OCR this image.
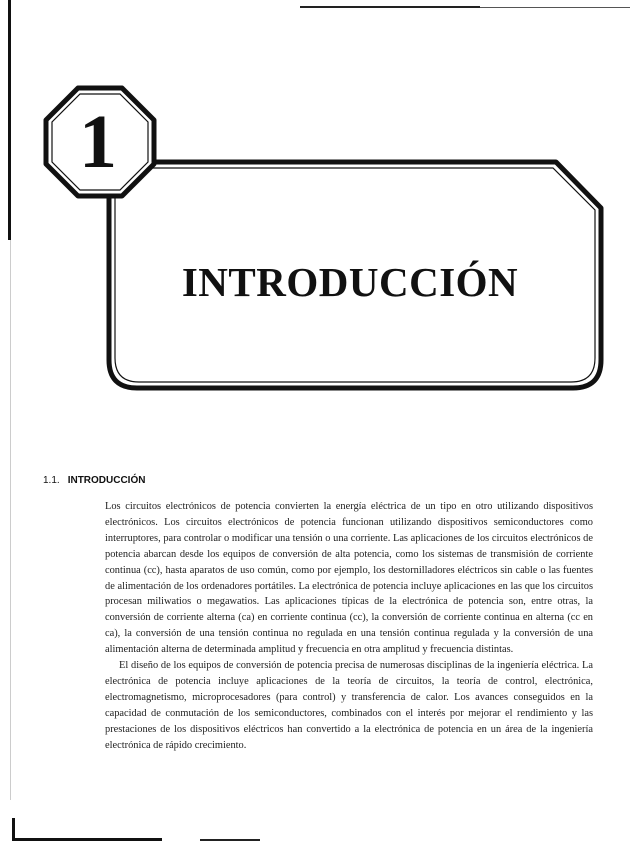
1
INTRODUCCIÓN
1.1. INTRODUCCIÓN

Los circuitos electrónicos de potencia convierten la energía eléctrica de un tipo en otro utilizando dispositivos electrónicos. Los circuitos electrónicos de potencia funcionan utilizando dispositivos semiconductores como interruptores, para controlar o modificar una tensión o una corriente. Las aplicaciones de los circuitos electrónicos de potencia abarcan desde los equipos de conversión de alta potencia, como los sistemas de transmisión de corriente continua (cc), hasta aparatos de uso común, como por ejemplo, los destornilladores eléctricos sin cable o las fuentes de alimentación de los ordenadores portátiles. La electrónica de potencia incluye aplicaciones en las que los circuitos procesan miliwatios o megawatios. Las aplicaciones típicas de la electrónica de potencia son, entre otras, la conversión de corriente alterna (ca) en corriente continua (cc), la conversión de corriente continua en alterna (cc en ca), la conversión de una tensión continua no regulada en una tensión continua regulada y la conversión de una alimentación alterna de determinada amplitud y frecuencia en otra amplitud y frecuencia distintas.

El diseño de los equipos de conversión de potencia precisa de numerosas disciplinas de la ingeniería eléctrica. La electrónica de potencia incluye aplicaciones de la teoría de circuitos, la teoría de control, electrónica, electromagnetismo, microprocesadores (para control) y transferencia de calor. Los avances conseguidos en la capacidad de conmutación de los semiconductores, combinados con el interés por mejorar el rendimiento y las prestaciones de los dispositivos eléctricos han convertido a la electrónica de potencia en un área de la ingeniería electrónica de rápido crecimiento.
